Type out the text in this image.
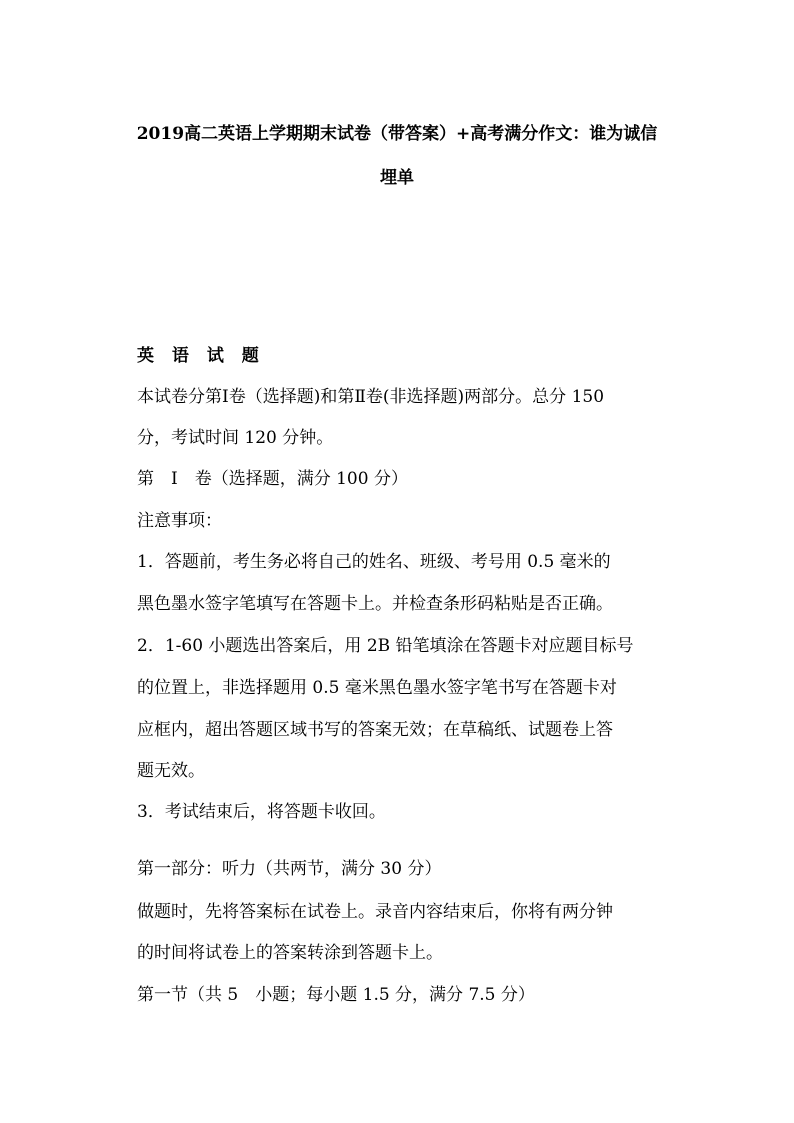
2019高二英语上学期期末试卷（带答案）+高考满分作文：谁为诚信
埋单
英 语 试 题
本试卷分第Ⅰ卷（选择题)和第Ⅱ卷(非选择题)两部分。总分 150
分，考试时间 120 分钟。
第　Ⅰ　卷（选择题，满分 100 分）
注意事项：
1．答题前，考生务必将自己的姓名、班级、考号用 0.5 毫米的
黑色墨水签字笔填写在答题卡上。并检查条形码粘贴是否正确。
2．1-60 小题选出答案后，用 2B 铅笔填涂在答题卡对应题目标号
的位置上，非选择题用 0.5 毫米黑色墨水签字笔书写在答题卡对
应框内，超出答题区域书写的答案无效；在草稿纸、试题卷上答
题无效。
3．考试结束后，将答题卡收回。
第一部分：听力（共两节，满分 30 分）
做题时，先将答案标在试卷上。录音内容结束后，你将有两分钟
的时间将试卷上的答案转涂到答题卡上。
第一节（共 5　小题；每小题 1.5 分，满分 7.5 分）
